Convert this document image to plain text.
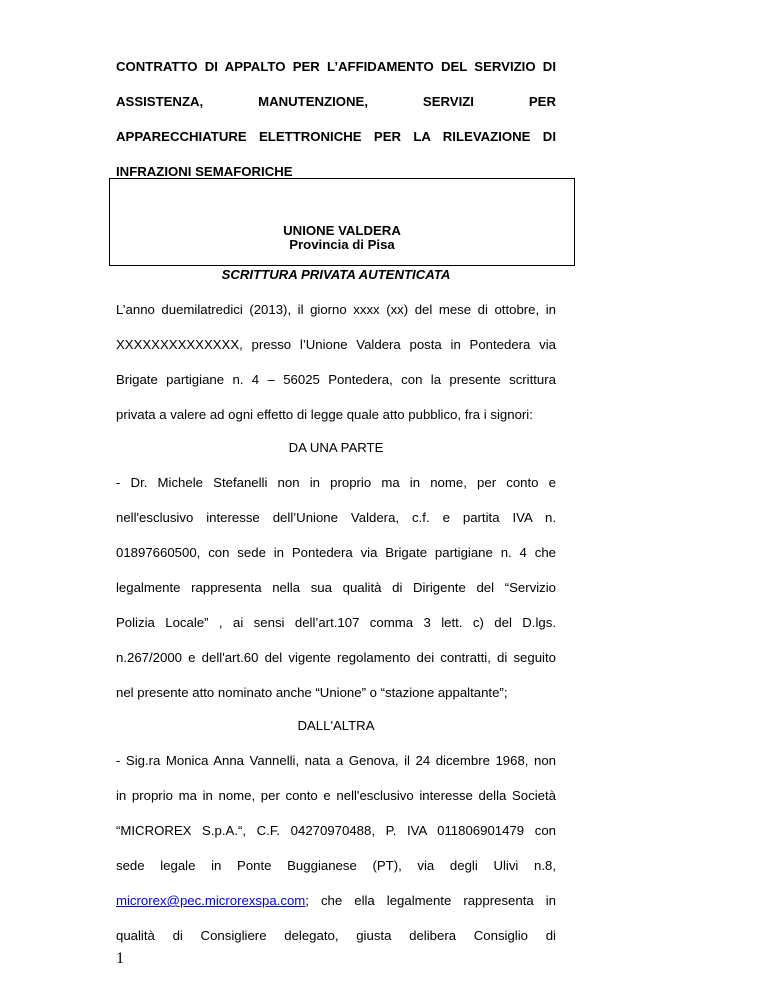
CONTRATTO DI APPALTO PER L’AFFIDAMENTO DEL SERVIZIO DI
ASSISTENZA, MANUTENZIONE, SERVIZI PER
APPARECCHIATURE ELETTRONICHE PER LA RILEVAZIONE DI
INFRAZIONI SEMAFORICHE
UNIONE VALDERA
Provincia di Pisa
SCRITTURA PRIVATA AUTENTICATA
L’anno duemilatredici (2013), il giorno xxxx (xx) del mese di ottobre, in
XXXXXXXXXXXXXX, presso l’Unione Valdera posta in Pontedera via
Brigate partigiane n. 4 – 56025 Pontedera, con la presente scrittura
privata a valere ad ogni effetto di legge quale atto pubblico, fra i signori:
DA UNA PARTE
- Dr. Michele Stefanelli non in proprio ma in nome, per conto e
nell'esclusivo interesse dell’Unione Valdera, c.f. e partita IVA n.
01897660500, con sede in Pontedera via Brigate partigiane n. 4 che
legalmente rappresenta nella sua qualità di Dirigente del “Servizio
Polizia Locale” , ai sensi dell’art.107 comma 3 lett. c) del D.lgs.
n.267/2000 e dell'art.60 del vigente regolamento dei contratti, di seguito
nel presente atto nominato anche “Unione” o “stazione appaltante”;
DALL'ALTRA
- Sig.ra Monica Anna Vannelli, nata a Genova, il 24 dicembre 1968, non
in proprio ma in nome, per conto e nell'esclusivo interesse della Società
“MICROREX S.p.A.“, C.F. 04270970488, P. IVA 011806901479 con
sede legale in Ponte Buggianese (PT), via degli Ulivi n.8,
microrex@pec.microrexspa.com ; che ella legalmente rappresenta in
qualità di Consigliere delegato, giusta delibera Consiglio di
1
